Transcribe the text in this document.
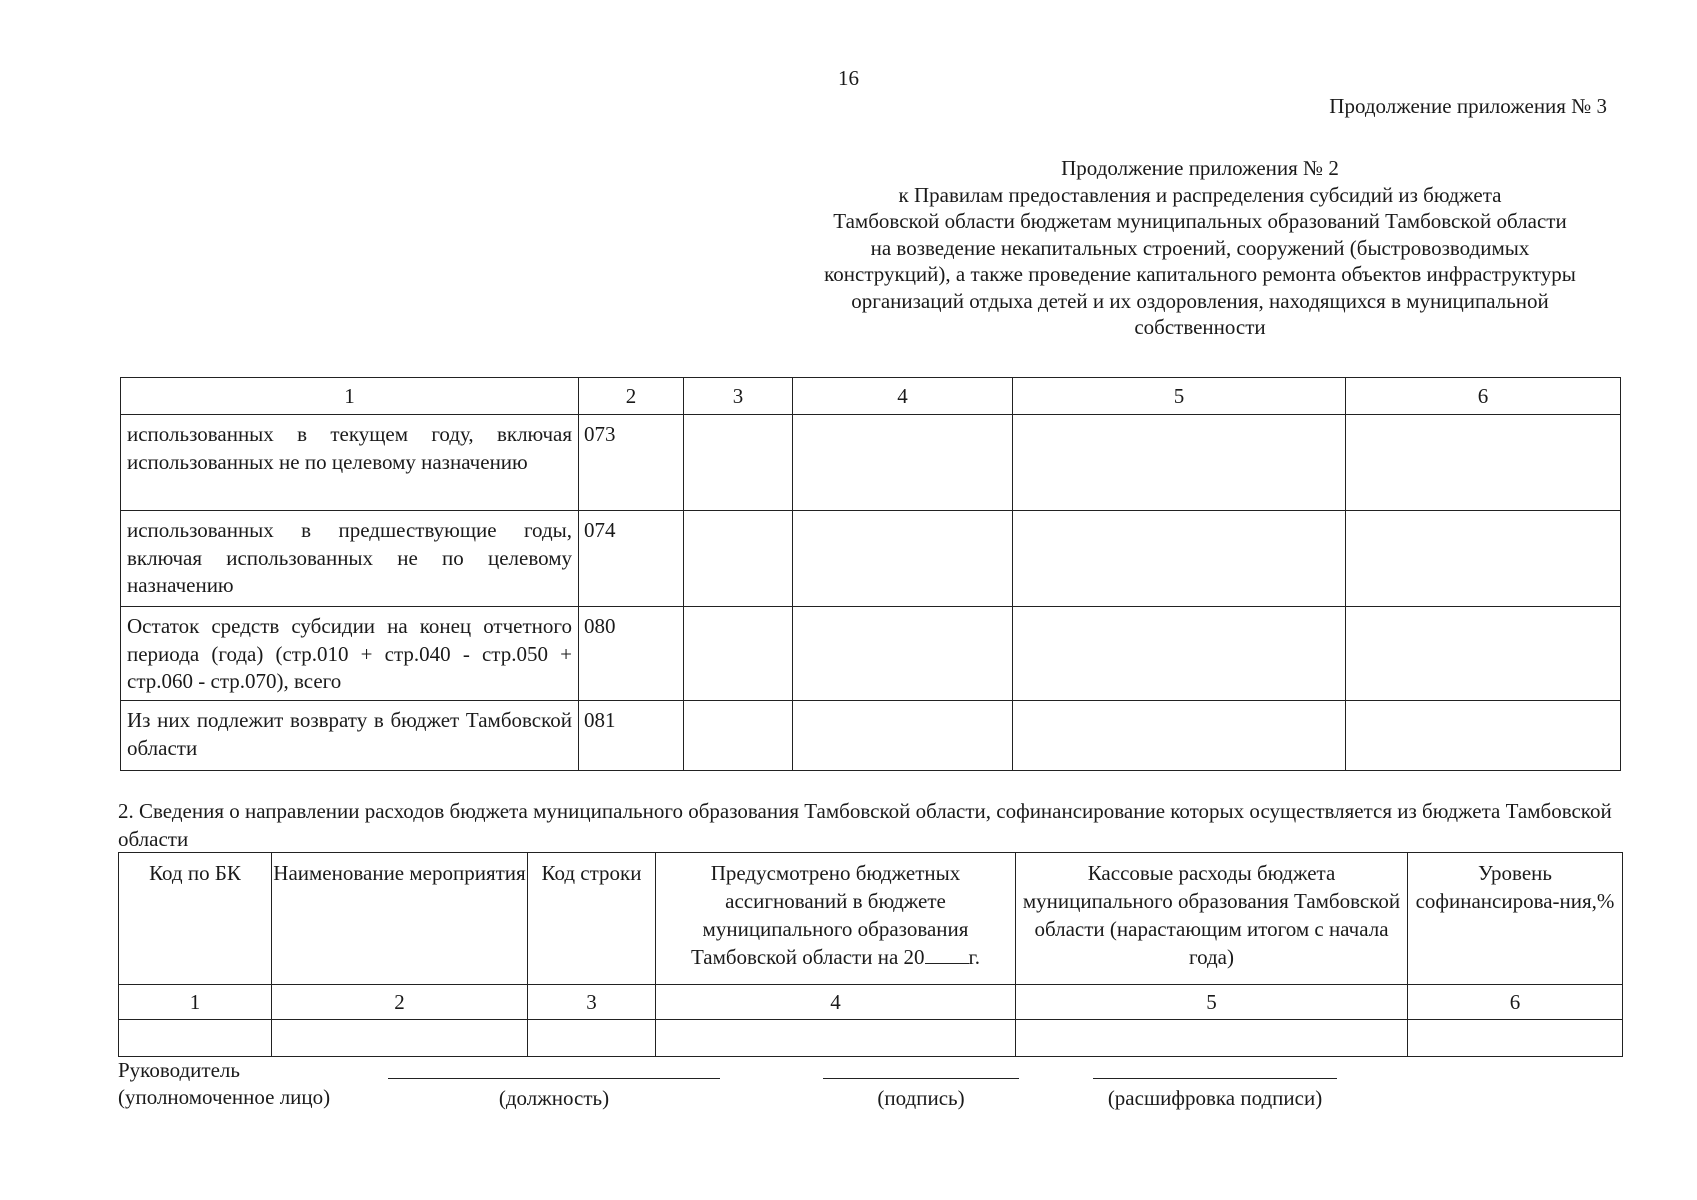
16
Продолжение приложения № 3
Продолжение приложения № 2
к Правилам предоставления и распределения субсидий из бюджета
Тамбовской области бюджетам муниципальных образований Тамбовской области
на возведение некапитальных строений, сооружений (быстровозводимых
конструкций), а также проведение капитального ремонта объектов инфраструктуры
организаций отдыха детей и их оздоровления, находящихся в муниципальной
собственности
1	2	3	4	5	6
использованных в текущем году, включая использованных не по целевому назначению	073				
использованных в предшествующие годы, включая использованных не по целевому назначению	074				
Остаток средств субсидии на конец отчетного периода (года) (стр.010 + стр.040 - стр.050 + стр.060 - стр.070), всего	080				
Из них подлежит возврату в бюджет Тамбовской области	081				
2. Сведения о направлении расходов бюджета муниципального образования Тамбовской области, софинансирование которых осуществляется из бюджета Тамбовской области
Код по БК	Наименование мероприятия	Код строки	Предусмотрено бюджетных ассигнований в бюджете муниципального образования Тамбовской области на 20 г.	Кассовые расходы бюджета муниципального образования Тамбовской области (нарастающим итогом с начала года)	Уровень софинансирова-ния,%
1	2	3	4	5	6

Руководитель
(уполномоченное лицо)	(должность)	(подпись)	(расшифровка подписи)
